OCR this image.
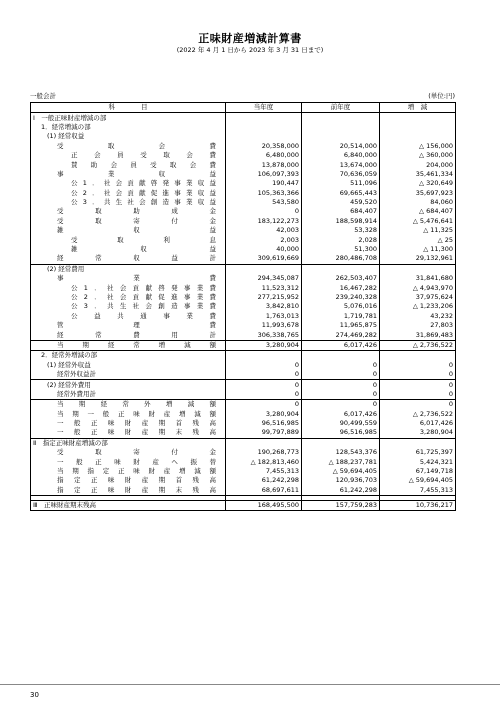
正味財産増減計算書
(2022 年 4 月 1 日から 2023 年 3 月 31 日まで)
一般会計	(単位:円)
科　　　　目	当年度	前年度	増　減
Ⅰ　一般正味財産増減の部			
1．経常増減の部			
(1) 経常収益			

受取会費	20,358,000	20,514,000	△ 156,000

正会員受取会費	6,480,000	6,840,000	△ 360,000

賛助会員受取会費	13,878,000	13,674,000	204,000

事業収益	106,097,393	70,636,059	35,461,334

公1．社会貢献啓発事業収益	190,447	511,096	△ 320,649

公2．社会貢献促進事業収益	105,363,366	69,665,443	35,697,923

公3．共生社会創造事業収益	543,580	459,520	84,060

受取助成金	0	684,407	△ 684,407

受取寄付金	183,122,273	188,598,914	△ 5,476,641

雑収益	42,003	53,328	△ 11,325

受取利息	2,003	2,028	△ 25

雑収益	40,000	51,300	△ 11,300

経常収益計	309,619,669	280,486,708	29,132,961
(2) 経常費用			

事業費	294,345,087	262,503,407	31,841,680

公1．社会貢献啓発事業費	11,523,312	16,467,282	△ 4,943,970

公2．社会貢献促進事業費	277,215,952	239,240,328	37,975,624

公3．共生社会創造事業費	3,842,810	5,076,016	△ 1,233,206

公益共通事業費	1,763,013	1,719,781	43,232

管理費	11,993,678	11,965,875	27,803

経常費用計	306,338,765	274,469,282	31,869,483

当期経常増減額	3,280,904	6,017,426	△ 2,736,522
2．経常外増減の部			
(1) 経常外収益	0	0	0
経常外収益計	0	0	0
(2) 経常外費用	0	0	0
経常外費用計	0	0	0

当期経常外増減額	0	0	0

当期一般正味財産増減額	3,280,904	6,017,426	△ 2,736,522

一般正味財産期首残高	96,516,985	90,499,559	6,017,426

一般正味財産期末残高	99,797,889	96,516,985	3,280,904
Ⅱ　指定正味財産増減の部			

受取寄付金	190,268,773	128,543,376	61,725,397

一般正味財産へ振替	△ 182,813,460	△ 188,237,781	5,424,321

当期指定正味財産増減額	7,455,313	△ 59,694,405	67,149,718

指定正味財産期首残高	61,242,298	120,936,703	△ 59,694,405

指定正味財産期末残高	68,697,611	61,242,298	7,455,313

Ⅲ　正味財産期末残高	168,495,500	157,759,283	10,736,217
30
